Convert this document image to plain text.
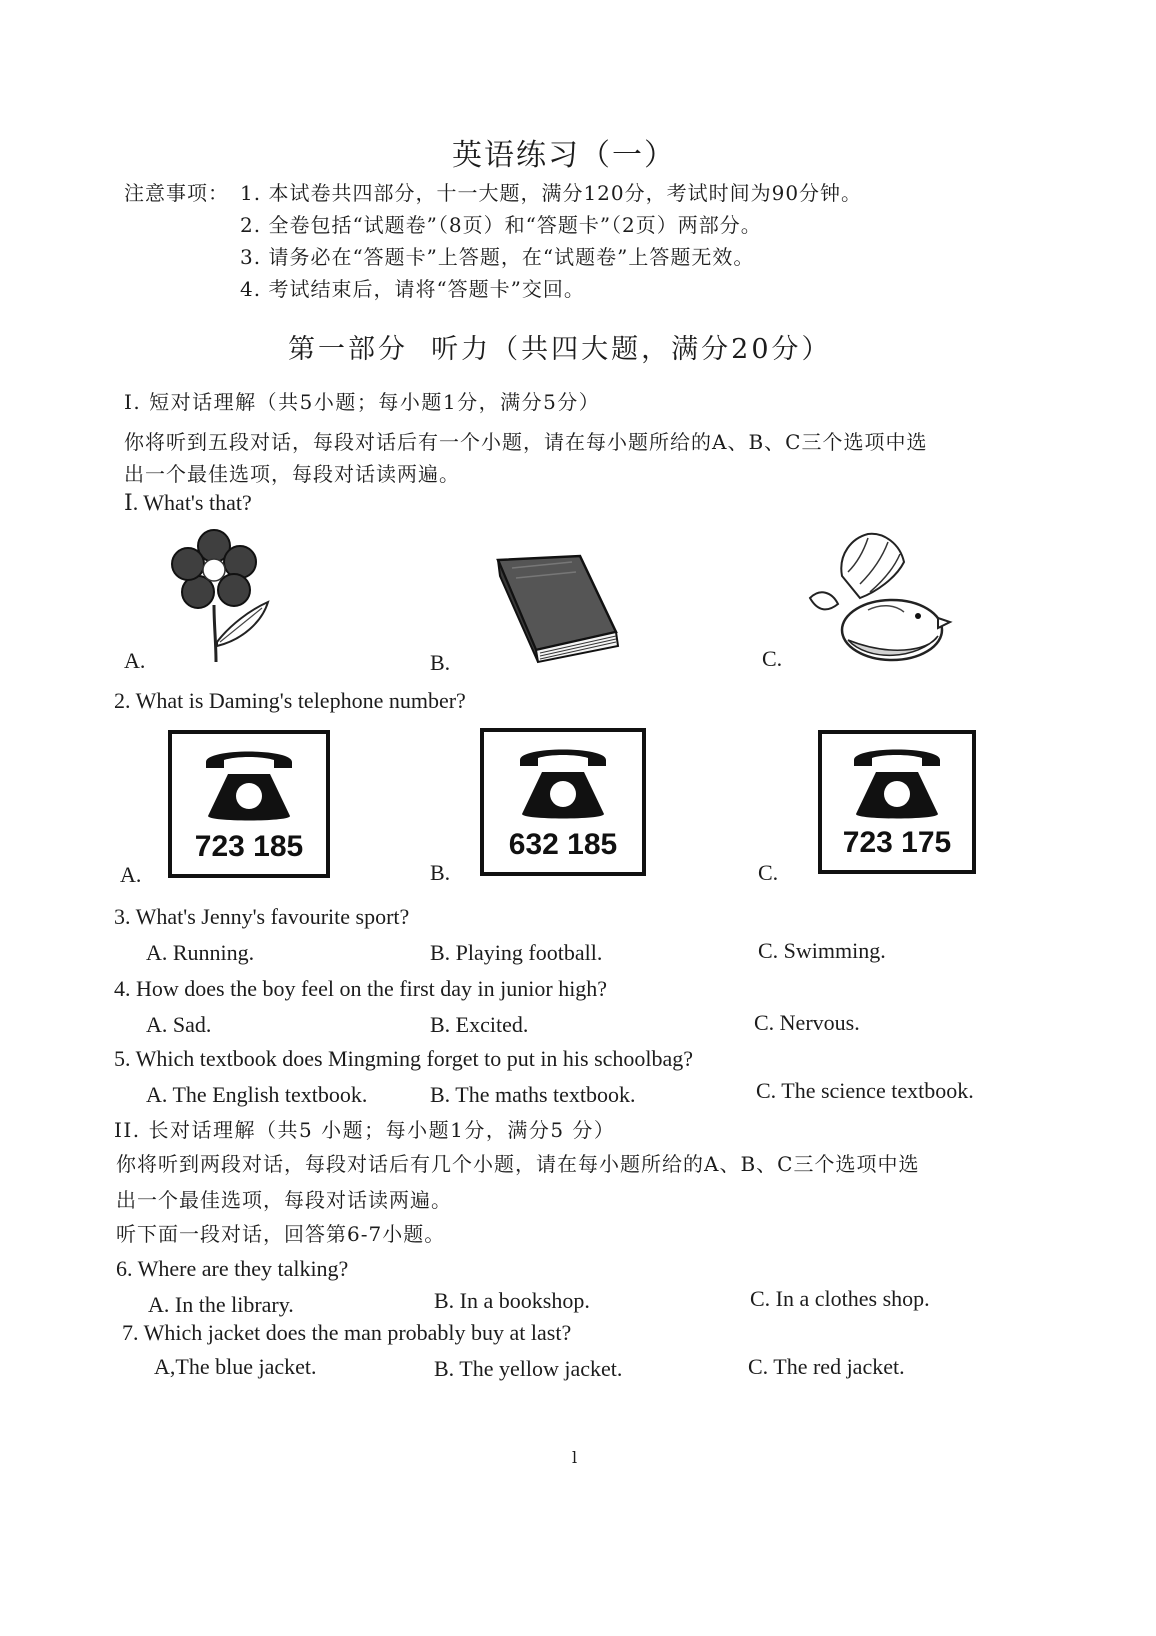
英语练习（一）
注意事项： 1. 本试卷共四部分，十一大题，满分120分，考试时间为90分钟。
2. 全卷包括“试题卷”（8页）和“答题卡”（2页）两部分。
3. 请务必在“答题卡”上答题，在“试题卷”上答题无效。
4. 考试结束后，请将“答题卡”交回。
第一部分  听力（共四大题，满分20分）
I. 短对话理解（共5小题；每小题1分，满分5分）
你将听到五段对话，每段对话后有一个小题，请在每小题所给的A、B、C三个选项中选
出一个最佳选项，每段对话读两遍。
Ⅰ. What's that?
A.	B.	C.
2. What is Daming's telephone number?
723 185
A.
632 185
B.
723 175
C.
3. What's Jenny's favourite sport?
A. Running.	B. Playing football.	C. Swimming.
4. How does the boy feel on the first day in junior high?
A. Sad.	B. Excited.	C. Nervous.
5. Which textbook does Mingming forget to put in his schoolbag?
A. The English textbook.	B. The maths textbook.	C. The science textbook.
II. 长对话理解（共5 小题；每小题1分，满分5 分）
你将听到两段对话，每段对话后有几个小题，请在每小题所给的A、B、C三个选项中选
出一个最佳选项，每段对话读两遍。
听下面一段对话，回答第6-7小题。
6. Where are they talking?
A. In the library.	B. In a bookshop.	C. In a clothes shop.
7. Which jacket does the man probably buy at last?
A,The blue jacket.	B. The yellow jacket.	C. The red jacket.
l
